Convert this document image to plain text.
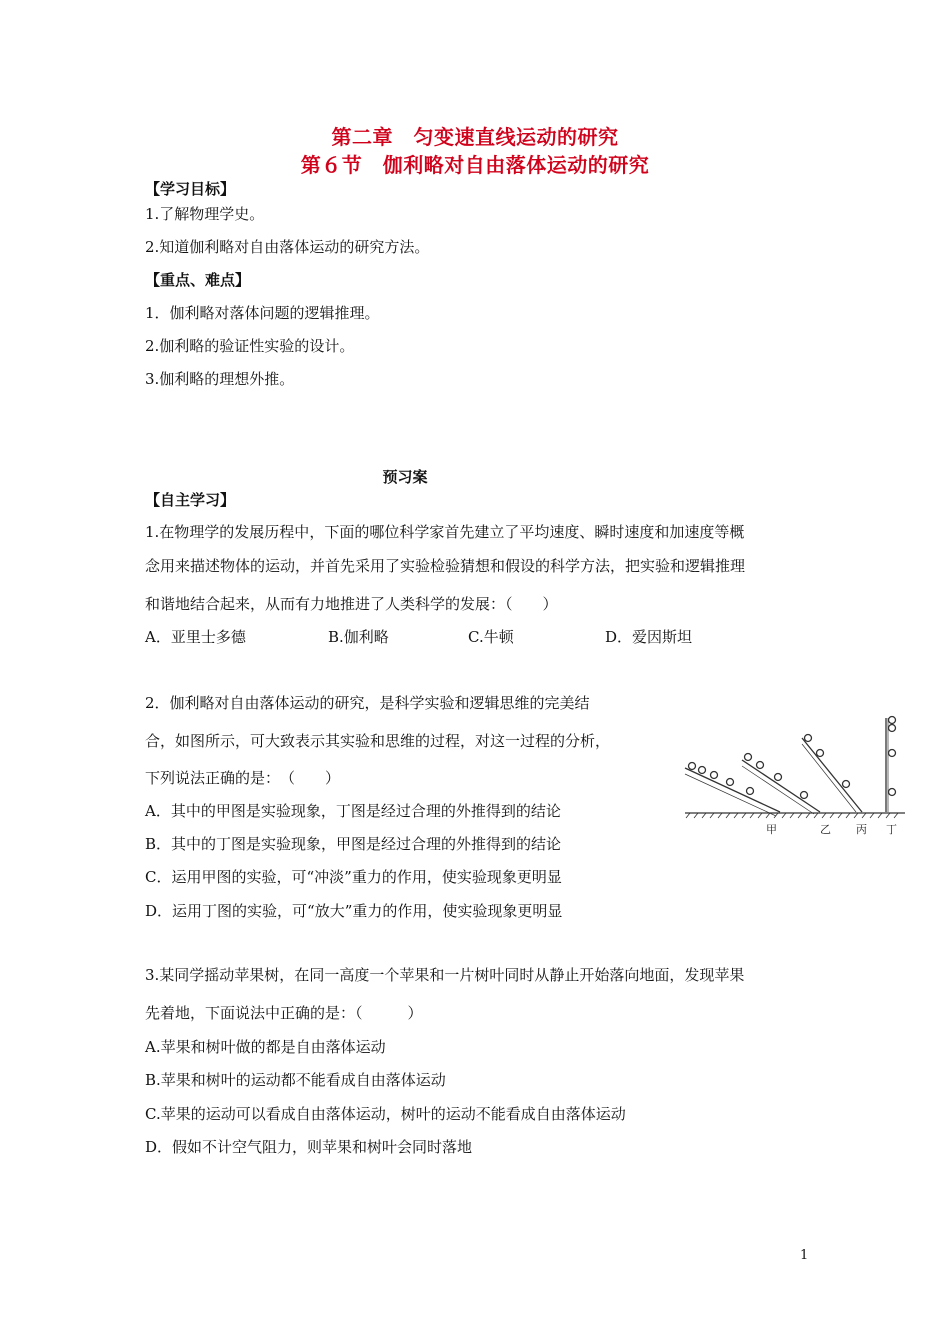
第二章　匀变速直线运动的研究
第６节　伽利略对自由落体运动的研究
【学习目标】
1.了解物理学史。
2.知道伽利略对自由落体运动的研究方法。
【重点、难点】
1．伽利略对落体问题的逻辑推理。
2.伽利略的验证性实验的设计。
3.伽利略的理想外推。
预习案
【自主学习】
1.在物理学的发展历程中，下面的哪位科学家首先建立了平均速度、瞬时速度和加速度等概
念用来描述物体的运动，并首先采用了实验检验猜想和假设的科学方法，把实验和逻辑推理
和谐地结合起来，从而有力地推进了人类科学的发展：（　　）
A．亚里士多德	B.伽利略	C.牛顿	D．爱因斯坦
2．伽利略对自由落体运动的研究，是科学实验和逻辑思维的完美结
合，如图所示，可大致表示其实验和思维的过程，对这一过程的分析，
下列说法正确的是：　（　　）
A．其中的甲图是实验现象，丁图是经过合理的外推得到的结论
B．其中的丁图是实验现象，甲图是经过合理的外推得到的结论
C．运用甲图的实验，可“冲淡”重力的作用，使实验现象更明显
D．运用丁图的实验，可“放大”重力的作用，使实验现象更明显
甲	乙 丙 丁
3.某同学摇动苹果树，在同一高度一个苹果和一片树叶同时从静止开始落向地面，发现苹果
先着地，下面说法中正确的是：（　　　）
A.苹果和树叶做的都是自由落体运动
B.苹果和树叶的运动都不能看成自由落体运动
C.苹果的运动可以看成自由落体运动，树叶的运动不能看成自由落体运动
D．假如不计空气阻力，则苹果和树叶会同时落地
1
